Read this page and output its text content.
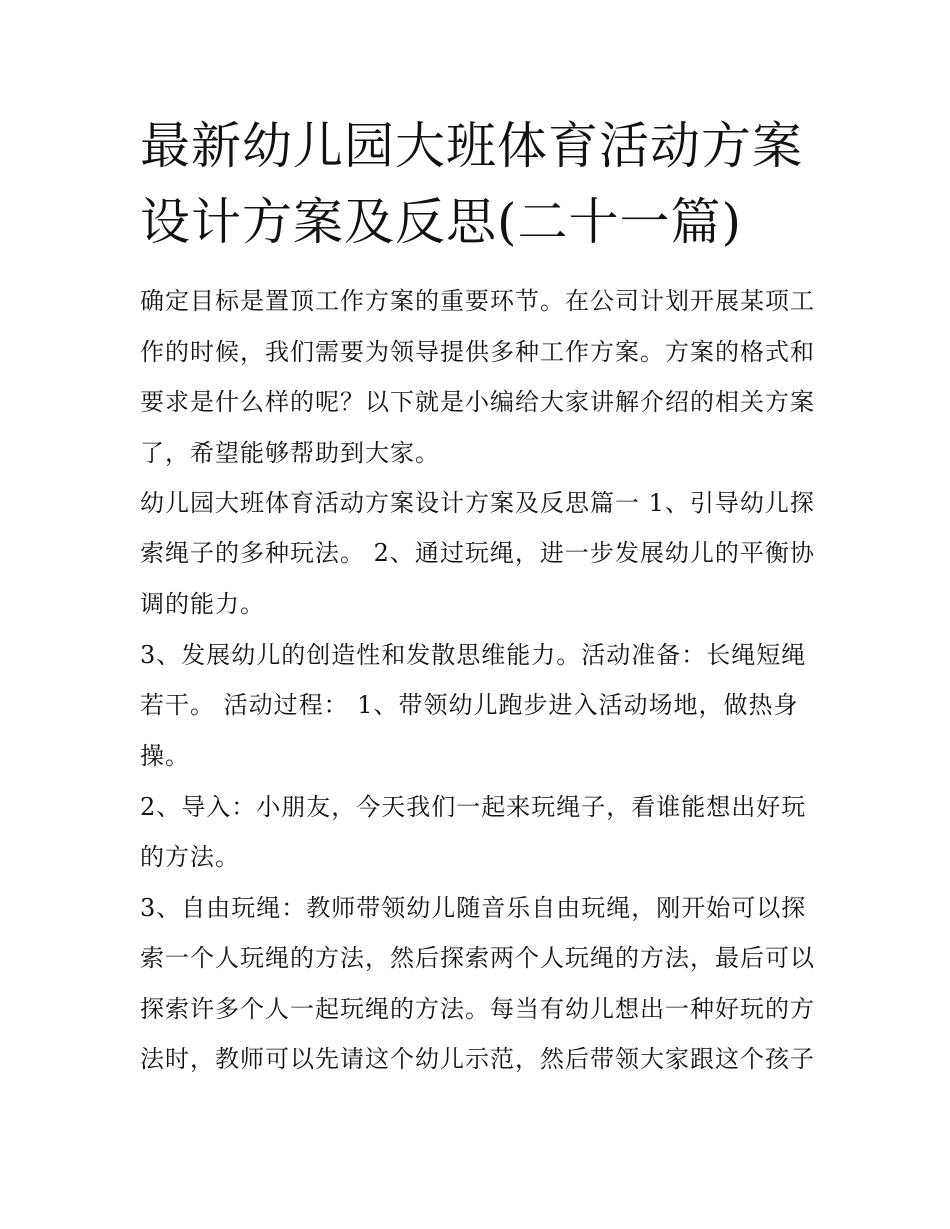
最新幼儿园大班体育活动方案
设计方案及反思(二十一篇)
确定目标是置顶工作方案的重要环节。在公司计划开展某项工
作的时候，我们需要为领导提供多种工作方案。方案的格式和
要求是什么样的呢？以下就是小编给大家讲解介绍的相关方案
了，希望能够帮助到大家。
幼儿园大班体育活动方案设计方案及反思篇一 1、引导幼儿探
索绳子的多种玩法。 2、通过玩绳，进一步发展幼儿的平衡协
调的能力。
3、发展幼儿的创造性和发散思维能力。活动准备：长绳短绳
若干。 活动过程： 1、带领幼儿跑步进入活动场地，做热身
操。
2、导入：小朋友，今天我们一起来玩绳子，看谁能想出好玩
的方法。
3、自由玩绳：教师带领幼儿随音乐自由玩绳，刚开始可以探
索一个人玩绳的方法，然后探索两个人玩绳的方法，最后可以
探索许多个人一起玩绳的方法。每当有幼儿想出一种好玩的方
法时，教师可以先请这个幼儿示范，然后带领大家跟这个孩子
